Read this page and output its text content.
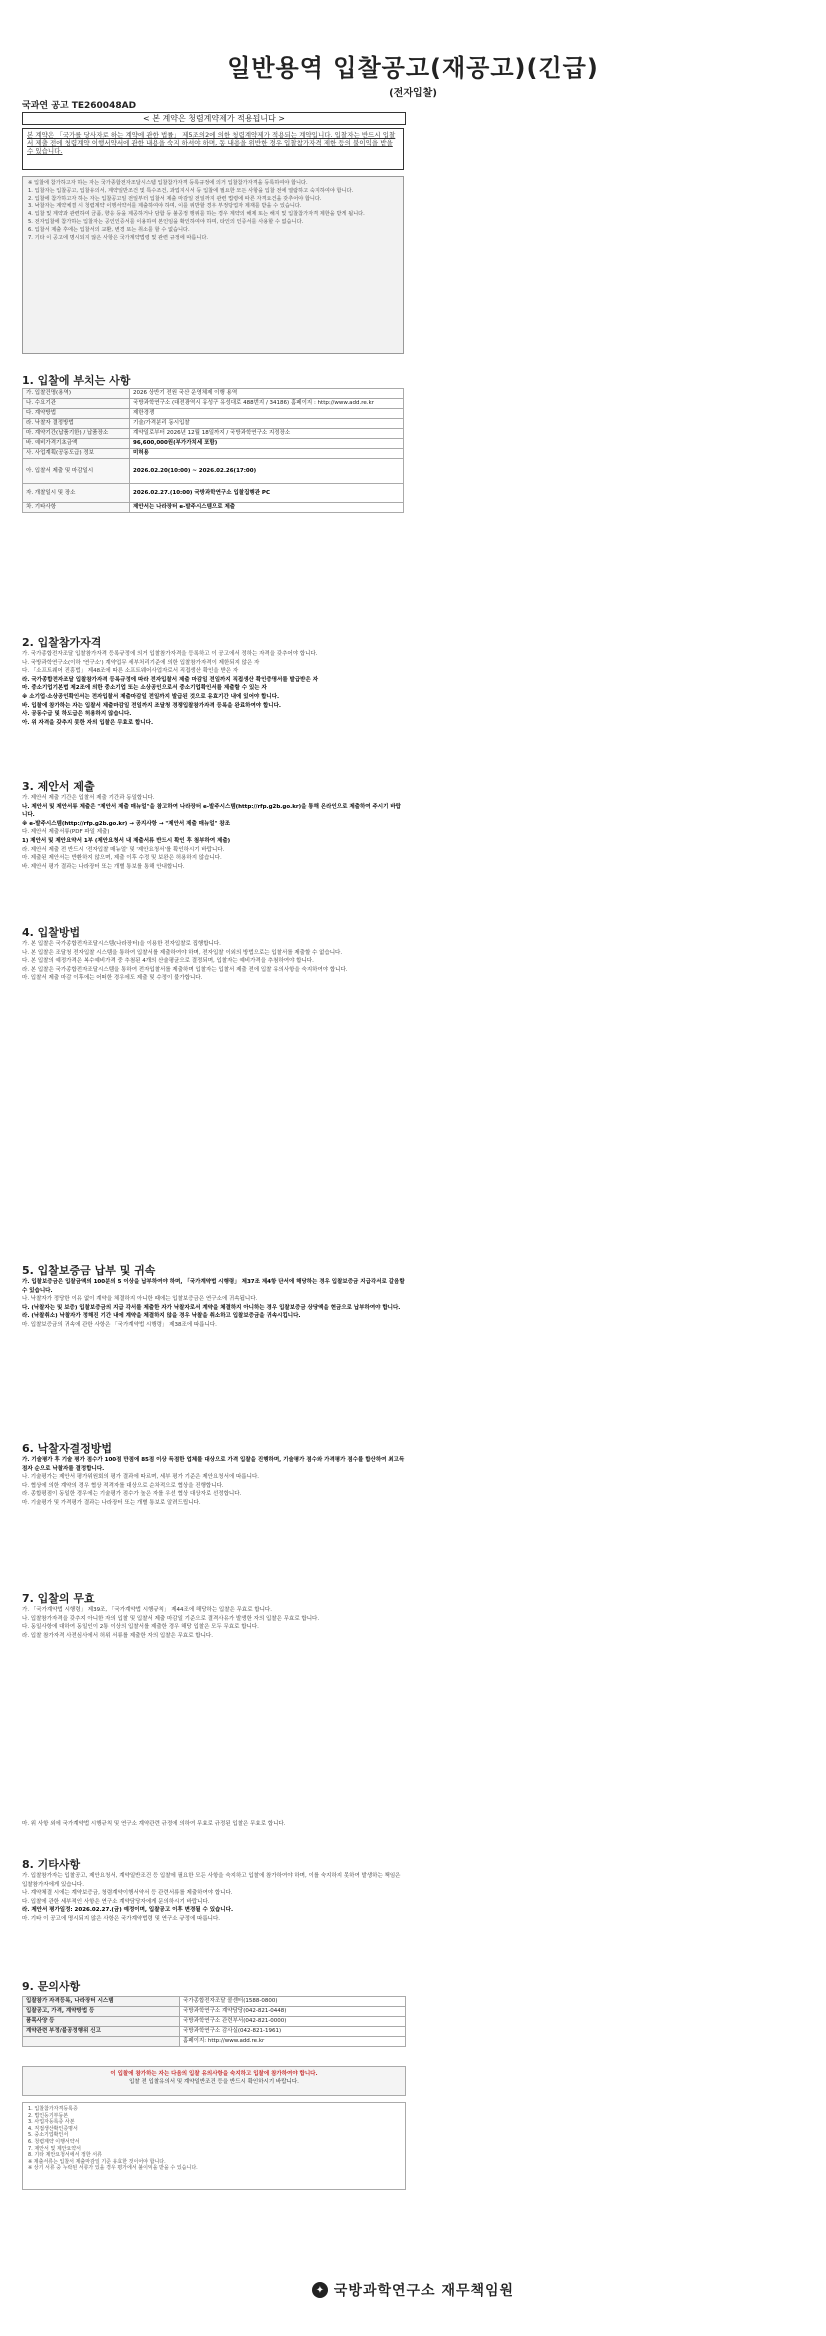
일반용역 입찰공고(재공고)(긴급)
(전자입찰)
국과연 공고 TE260048AD
< 본 계약은 청렴계약제가 적용됩니다 >
본 계약은 「국가를 당사자로 하는 계약에 관한 법률」 제5조의2에 의한 청렴계약제가 적용되는 계약입니다. 입찰자는 반드시 입찰서 제출 전에 청렴계약 이행서약서에 관한 내용을 숙지 하셔야 하며, 동 내용을 위반한 경우 입찰참가자격 제한 등의 불이익을 받을 수 있습니다.

※ 입찰에 참가하고자 하는 자는 국가종합전자조달시스템 입찰참가자격 등록규정에 의거 입찰참가자격을 등록하여야 합니다.

1. 입찰자는 입찰공고, 입찰유의서, 계약일반조건 및 특수조건, 과업지시서 등 입찰에 필요한 모든 사항을 입찰 전에 열람하고 숙지하여야 합니다.

2. 입찰에 참가하고자 하는 자는 입찰공고일 전일부터 입찰서 제출 마감일 전일까지 관련 법령에 따른 자격요건을 갖추어야 합니다.

3. 낙찰자는 계약체결 시 청렴계약 이행서약서를 제출하여야 하며, 이를 위반할 경우 부정당업자 제재를 받을 수 있습니다.

4. 입찰 및 계약과 관련하여 금품, 향응 등을 제공하거나 담합 등 불공정 행위를 하는 경우 계약의 해제 또는 해지 및 입찰참가자격 제한을 받게 됩니다.

5. 전자입찰에 참가하는 입찰자는 공인인증서를 이용하여 본인임을 확인하여야 하며, 타인의 인증서를 사용할 수 없습니다.

6. 입찰서 제출 후에는 입찰서의 교환, 변경 또는 취소를 할 수 없습니다.

7. 기타 이 공고에 명시되지 않은 사항은 국가계약법령 및 관련 규정에 따릅니다.

1. 입찰에 부치는 사항
가. 입찰건명(용역)	2026 상반기 전원 국산 운영체제 이행 용역
나. 수요기관	국방과학연구소 (대전광역시 유성구 유성대로 488번지 / 34186) 홈페이지 : http://www.add.re.kr
다. 계약방법	제한경쟁
라. 낙찰자 결정방법	기술/가격분리 동시입찰
마. 계약기간(납품기한) / 납품장소	계약일로부터 2026년 12월 18일까지 / 국방과학연구소 지정장소
바. 예비가격기초금액	96,600,000원(부가가치세 포함)
사. 사업계획(공동도급) 정보	미허용
아. 입찰서 제출 및 마감일시	2026.02.20(10:00) ~ 2026.02.26(17:00)
자. 개찰일시 및 장소	2026.02.27.(10:00) 국방과학연구소 입찰집행관 PC
차. 기타사항	제안서는 나라장터 e-발주시스템으로 제출
2. 입찰참가자격

가. 국가종합전자조달 입찰참가자격 등록규정에 의거 입찰참가자격을 등록하고 이 공고에서 정하는 자격을 갖추어야 합니다.

나. 국방과학연구소(이하 '연구소') 계약업무 세부처리기준에 의한 입찰참가자격이 제한되지 않은 자

다. 「소프트웨어 진흥법」 제48조에 따른 소프트웨어사업자로서 직접생산 확인을 받은 자

라. 국가종합전자조달 입찰참가자격 등록규정에 따라 전자입찰서 제출 마감일 전일까지 직접생산 확인증명서를 발급받은 자

마. 중소기업기본법 제2조에 의한 중소기업 또는 소상공인으로서 중소기업확인서를 제출할 수 있는 자

※ 소기업·소상공인확인서는 전자입찰서 제출마감일 전일까지 발급된 것으로 유효기간 내에 있어야 합니다.

바. 입찰에 참가하는 자는 입찰서 제출마감일 전일까지 조달청 경쟁입찰참가자격 등록을 완료하여야 합니다.

사. 공동수급 및 하도급은 허용하지 않습니다.

아. 위 자격을 갖추지 못한 자의 입찰은 무효로 합니다.

3. 제안서 제출

가. 제안서 제출 기간은 입찰서 제출 기간과 동일합니다.

나. 제안서 및 제안서류 제출은 "제안서 제출 매뉴얼"을 참고하여 나라장터 e-발주시스템(http://rfp.g2b.go.kr)을 통해 온라인으로 제출하여 주시기 바랍니다.

※ e-발주시스템(http://rfp.g2b.go.kr) → 공지사항 → "제안서 제출 매뉴얼" 참조

다. 제안서 제출서류(PDF 파일 제출)

1) 제안서 및 제안요약서 1부 (제안요청서 내 제출서류 반드시 확인 후 첨부하여 제출)

라. 제안서 제출 전 반드시 '전자입찰 매뉴얼' 및 '제안요청서'를 확인하시기 바랍니다.

마. 제출된 제안서는 반환하지 않으며, 제출 이후 수정 및 보완은 허용하지 않습니다.

바. 제안서 평가 결과는 나라장터 또는 개별 통보를 통해 안내합니다.

4. 입찰방법

가. 본 입찰은 국가종합전자조달시스템(나라장터)을 이용한 전자입찰로 집행합니다.

나. 본 입찰은 조달청 전자입찰 시스템을 통하여 입찰서를 제출하여야 하며, 전자입찰 이외의 방법으로는 입찰서를 제출할 수 없습니다.

다. 본 입찰의 예정가격은 복수예비가격 중 추첨된 4개의 산술평균으로 결정되며, 입찰자는 예비가격을 추첨하여야 합니다.

라. 본 입찰은 국가종합전자조달시스템을 통하여 전자입찰서를 제출하며 입찰자는 입찰서 제출 전에 입찰 유의사항을 숙지하여야 합니다.

마. 입찰서 제출 마감 이후에는 어떠한 경우에도 제출 및 수정이 불가합니다.

5. 입찰보증금 납부 및 귀속

가. 입찰보증금은 입찰금액의 100분의 5 이상을 납부하여야 하며, 「국가계약법 시행령」 제37조 제4항 단서에 해당하는 경우 입찰보증금 지급각서로 갈음할 수 있습니다.

나. 낙찰자가 정당한 이유 없이 계약을 체결하지 아니한 때에는 입찰보증금은 연구소에 귀속됩니다.

다. (낙찰자는 및 보증) 입찰보증금의 지급 각서를 제출한 자가 낙찰자로서 계약을 체결하지 아니하는 경우 입찰보증금 상당액을 현금으로 납부하여야 합니다.

라. (낙찰취소) 낙찰자가 정해진 기간 내에 계약을 체결하지 않을 경우 낙찰을 취소하고 입찰보증금을 귀속시킵니다.

마. 입찰보증금의 귀속에 관한 사항은 「국가계약법 시행령」 제38조에 따릅니다.

6. 낙찰자결정방법

가. 기술평가 후 기술 평가 점수가 100점 만점에 85점 이상 득점한 업체를 대상으로 가격 입찰을 진행하며, 기술평가 점수와 가격평가 점수를 합산하여 최고득점자 순으로 낙찰자를 결정합니다.

나. 기술평가는 제안서 평가위원회의 평가 결과에 따르며, 세부 평가 기준은 제안요청서에 따릅니다.

다. 협상에 의한 계약의 경우 협상 적격자를 대상으로 순차적으로 협상을 진행합니다.

라. 종합평점이 동일한 경우에는 기술평가 점수가 높은 자를 우선 협상 대상자로 선정합니다.

마. 기술평가 및 가격평가 결과는 나라장터 또는 개별 통보로 알려드립니다.

7. 입찰의 무효

가. 「국가계약법 시행령」 제39조, 「국가계약법 시행규칙」 제44조에 해당하는 입찰은 무효로 합니다.

나. 입찰참가자격을 갖추지 아니한 자의 입찰 및 입찰서 제출 마감일 기준으로 결격사유가 발생한 자의 입찰은 무효로 합니다.

다. 동일사항에 대하여 동일인이 2통 이상의 입찰서를 제출한 경우 해당 입찰은 모두 무효로 합니다.

라. 입찰 참가자격 사전심사에서 허위 서류를 제출한 자의 입찰은 무효로 합니다.

마. 위 사항 외에 국가계약법 시행규칙 및 연구소 계약관련 규정에 의하여 무효로 규정된 입찰은 무효로 합니다.

8. 기타사항

가. 입찰참가자는 입찰공고, 제안요청서, 계약일반조건 등 입찰에 필요한 모든 사항을 숙지하고 입찰에 참가하여야 하며, 이를 숙지하지 못하여 발생하는 책임은 입찰참가자에게 있습니다.

나. 계약체결 시에는 계약보증금, 청렴계약이행서약서 등 관련서류를 제출하여야 합니다.

다. 입찰에 관한 세부적인 사항은 연구소 계약담당자에게 문의하시기 바랍니다.

라. 제안서 평가일정: 2026.02.27.(금) 예정이며, 입찰공고 이후 변경될 수 있습니다.

마. 기타 이 공고에 명시되지 않은 사항은 국가계약법령 및 연구소 규정에 따릅니다.

9. 문의사항
입찰참가 자격등록, 나라장터 시스템	국가종합전자조달 콜센터(1588-0800)
입찰공고, 가격, 계약방법 등	국방과학연구소 계약담당(042-821-0448)
품목사양 등	국방과학연구소 관련부서(042-821-0000)
계약관련 부정/불공정행위 신고	국방과학연구소 감사실(042-821-1961)
	홈페이지: http://www.add.re.kr
이 입찰에 참가하는 자는 다음의 입찰 유의사항을 숙지하고 입찰에 참가하여야 합니다.
입찰 전 입찰유의서 및 계약일반조건 등을 반드시 확인하시기 바랍니다.

1. 입찰참가자격등록증

2. 법인등기부등본

3. 사업자등록증 사본

4. 직접생산확인증명서

5. 중소기업확인서

6. 청렴계약 이행서약서

7. 제안서 및 제안요약서

8. 기타 제안요청서에서 정한 서류

※ 제출서류는 입찰서 제출마감일 기준 유효한 것이어야 합니다.

※ 상기 서류 중 누락된 서류가 있을 경우 평가에서 불이익을 받을 수 있습니다.

✦ 국방과학연구소 재무책임원
